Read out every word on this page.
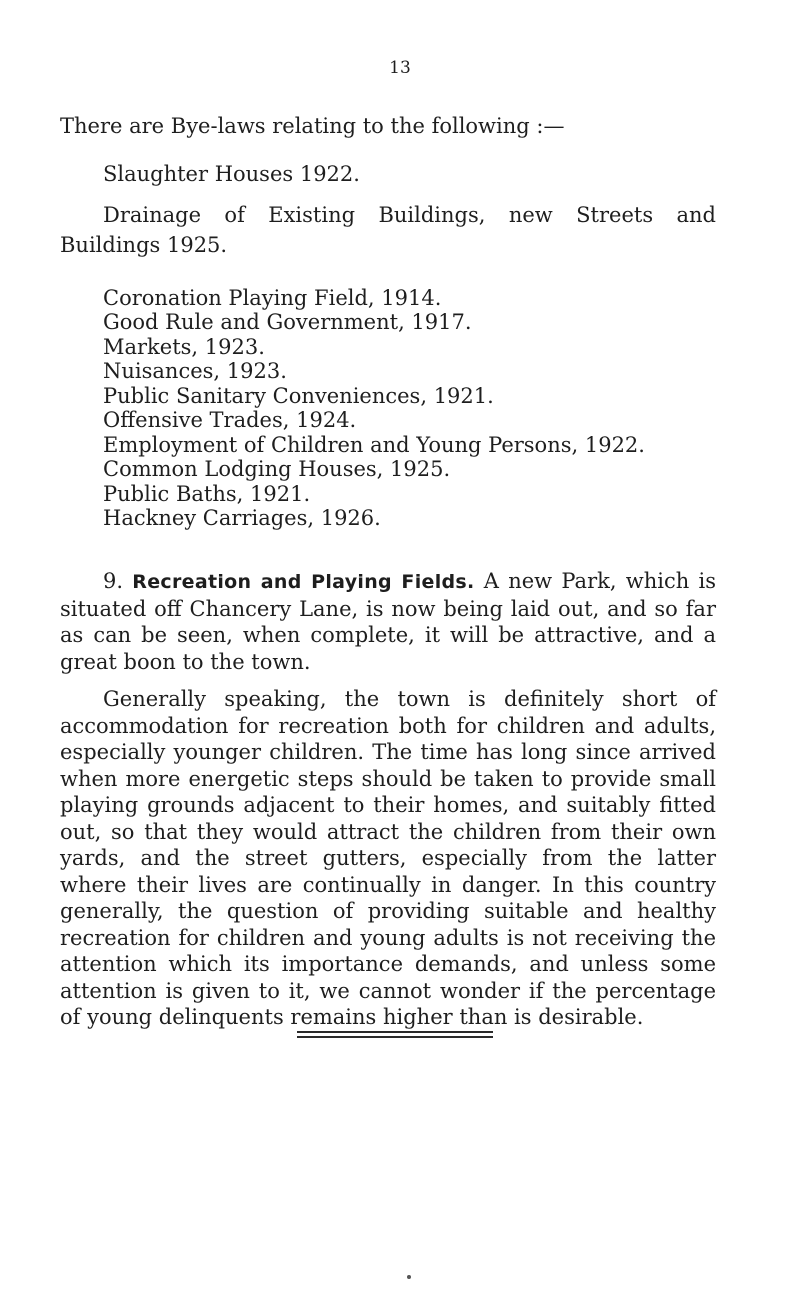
13
There are Bye-laws relating to the following :—
Slaughter Houses 1922.
Drainage of Existing Buildings, new Streets and
Buildings 1925.
Coronation Playing Field, 1914.
Good Rule and Government, 1917.
Markets, 1923.
Nuisances, 1923.
Public Sanitary Conveniences, 1921.
Offensive Trades, 1924.
Employment of Children and Young Persons, 1922.
Common Lodging Houses, 1925.
Public Baths, 1921.
Hackney Carriages, 1926.
9. Recreation and Playing Fields. A new Park, which is situated off Chancery Lane, is now being laid out, and so far as can be seen, when complete, it will be attractive, and a great boon to the town.
Generally speaking, the town is definitely short of accommodation for recreation both for children and adults, especially younger children. The time has long since arrived when more energetic steps should be taken to provide small playing grounds adjacent to their homes, and suitably fitted out, so that they would attract the children from their own yards, and the street gutters, especially from the latter where their lives are continually in danger. In this country generally, the question of providing suitable and healthy recreation for children and young adults is not receiving the attention which its importance demands, and unless some attention is given to it, we cannot wonder if the percentage of young delinquents remains higher than is desirable.
